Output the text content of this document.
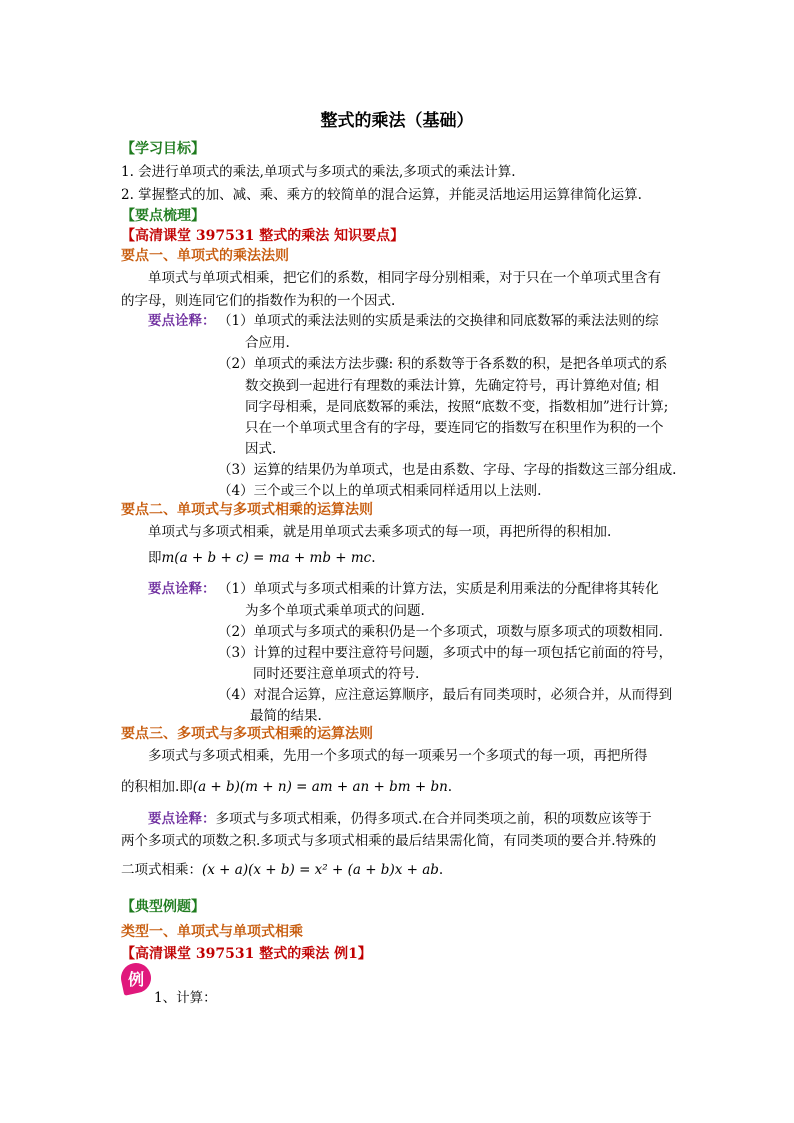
整式的乘法（基础）
【学习目标】
1. 会进行单项式的乘法,单项式与多项式的乘法,多项式的乘法计算.
2. 掌握整式的加、减、乘、乘方的较简单的混合运算，并能灵活地运用运算律简化运算.
【要点梳理】
【高清课堂 397531 整式的乘法 知识要点】
要点一、单项式的乘法法则
单项式与单项式相乘，把它们的系数，相同字母分别相乘，对于只在一个单项式里含有
的字母，则连同它们的指数作为积的一个因式.
要点诠释： （1）单项式的乘法法则的实质是乘法的交换律和同底数幂的乘法法则的综
合应用.
（2）单项式的乘法方法步骤: 积的系数等于各系数的积，是把各单项式的系
数交换到一起进行有理数的乘法计算，先确定符号，再计算绝对值; 相
同字母相乘，是同底数幂的乘法，按照“底数不变，指数相加”进行计算;
只在一个单项式里含有的字母，要连同它的指数写在积里作为积的一个
因式.
（3）运算的结果仍为单项式，也是由系数、字母、字母的指数这三部分组成.
（4）三个或三个以上的单项式相乘同样适用以上法则.
要点二、单项式与多项式相乘的运算法则
单项式与多项式相乘，就是用单项式去乘多项式的每一项，再把所得的积相加.
即m(a + b + c) = ma + mb + mc.
要点诠释： （1）单项式与多项式相乘的计算方法，实质是利用乘法的分配律将其转化
为多个单项式乘单项式的问题.
（2）单项式与多项式的乘积仍是一个多项式，项数与原多项式的项数相同.
（3）计算的过程中要注意符号问题，多项式中的每一项包括它前面的符号，
同时还要注意单项式的符号.
（4）对混合运算，应注意运算顺序，最后有同类项时，必须合并，从而得到
最简的结果.
要点三、多项式与多项式相乘的运算法则
多项式与多项式相乘，先用一个多项式的每一项乘另一个多项式的每一项，再把所得
的积相加.即(a + b)(m + n) = am + an + bm + bn.
要点诠释：多项式与多项式相乘，仍得多项式.在合并同类项之前，积的项数应该等于
两个多项式的项数之积.多项式与多项式相乘的最后结果需化简，有同类项的要合并.特殊的
二项式相乘：(x + a)(x + b) = x² + (a + b)x + ab.
【典型例题】
类型一、单项式与单项式相乘
【高清课堂 397531 整式的乘法 例1】
例
1、计算：
